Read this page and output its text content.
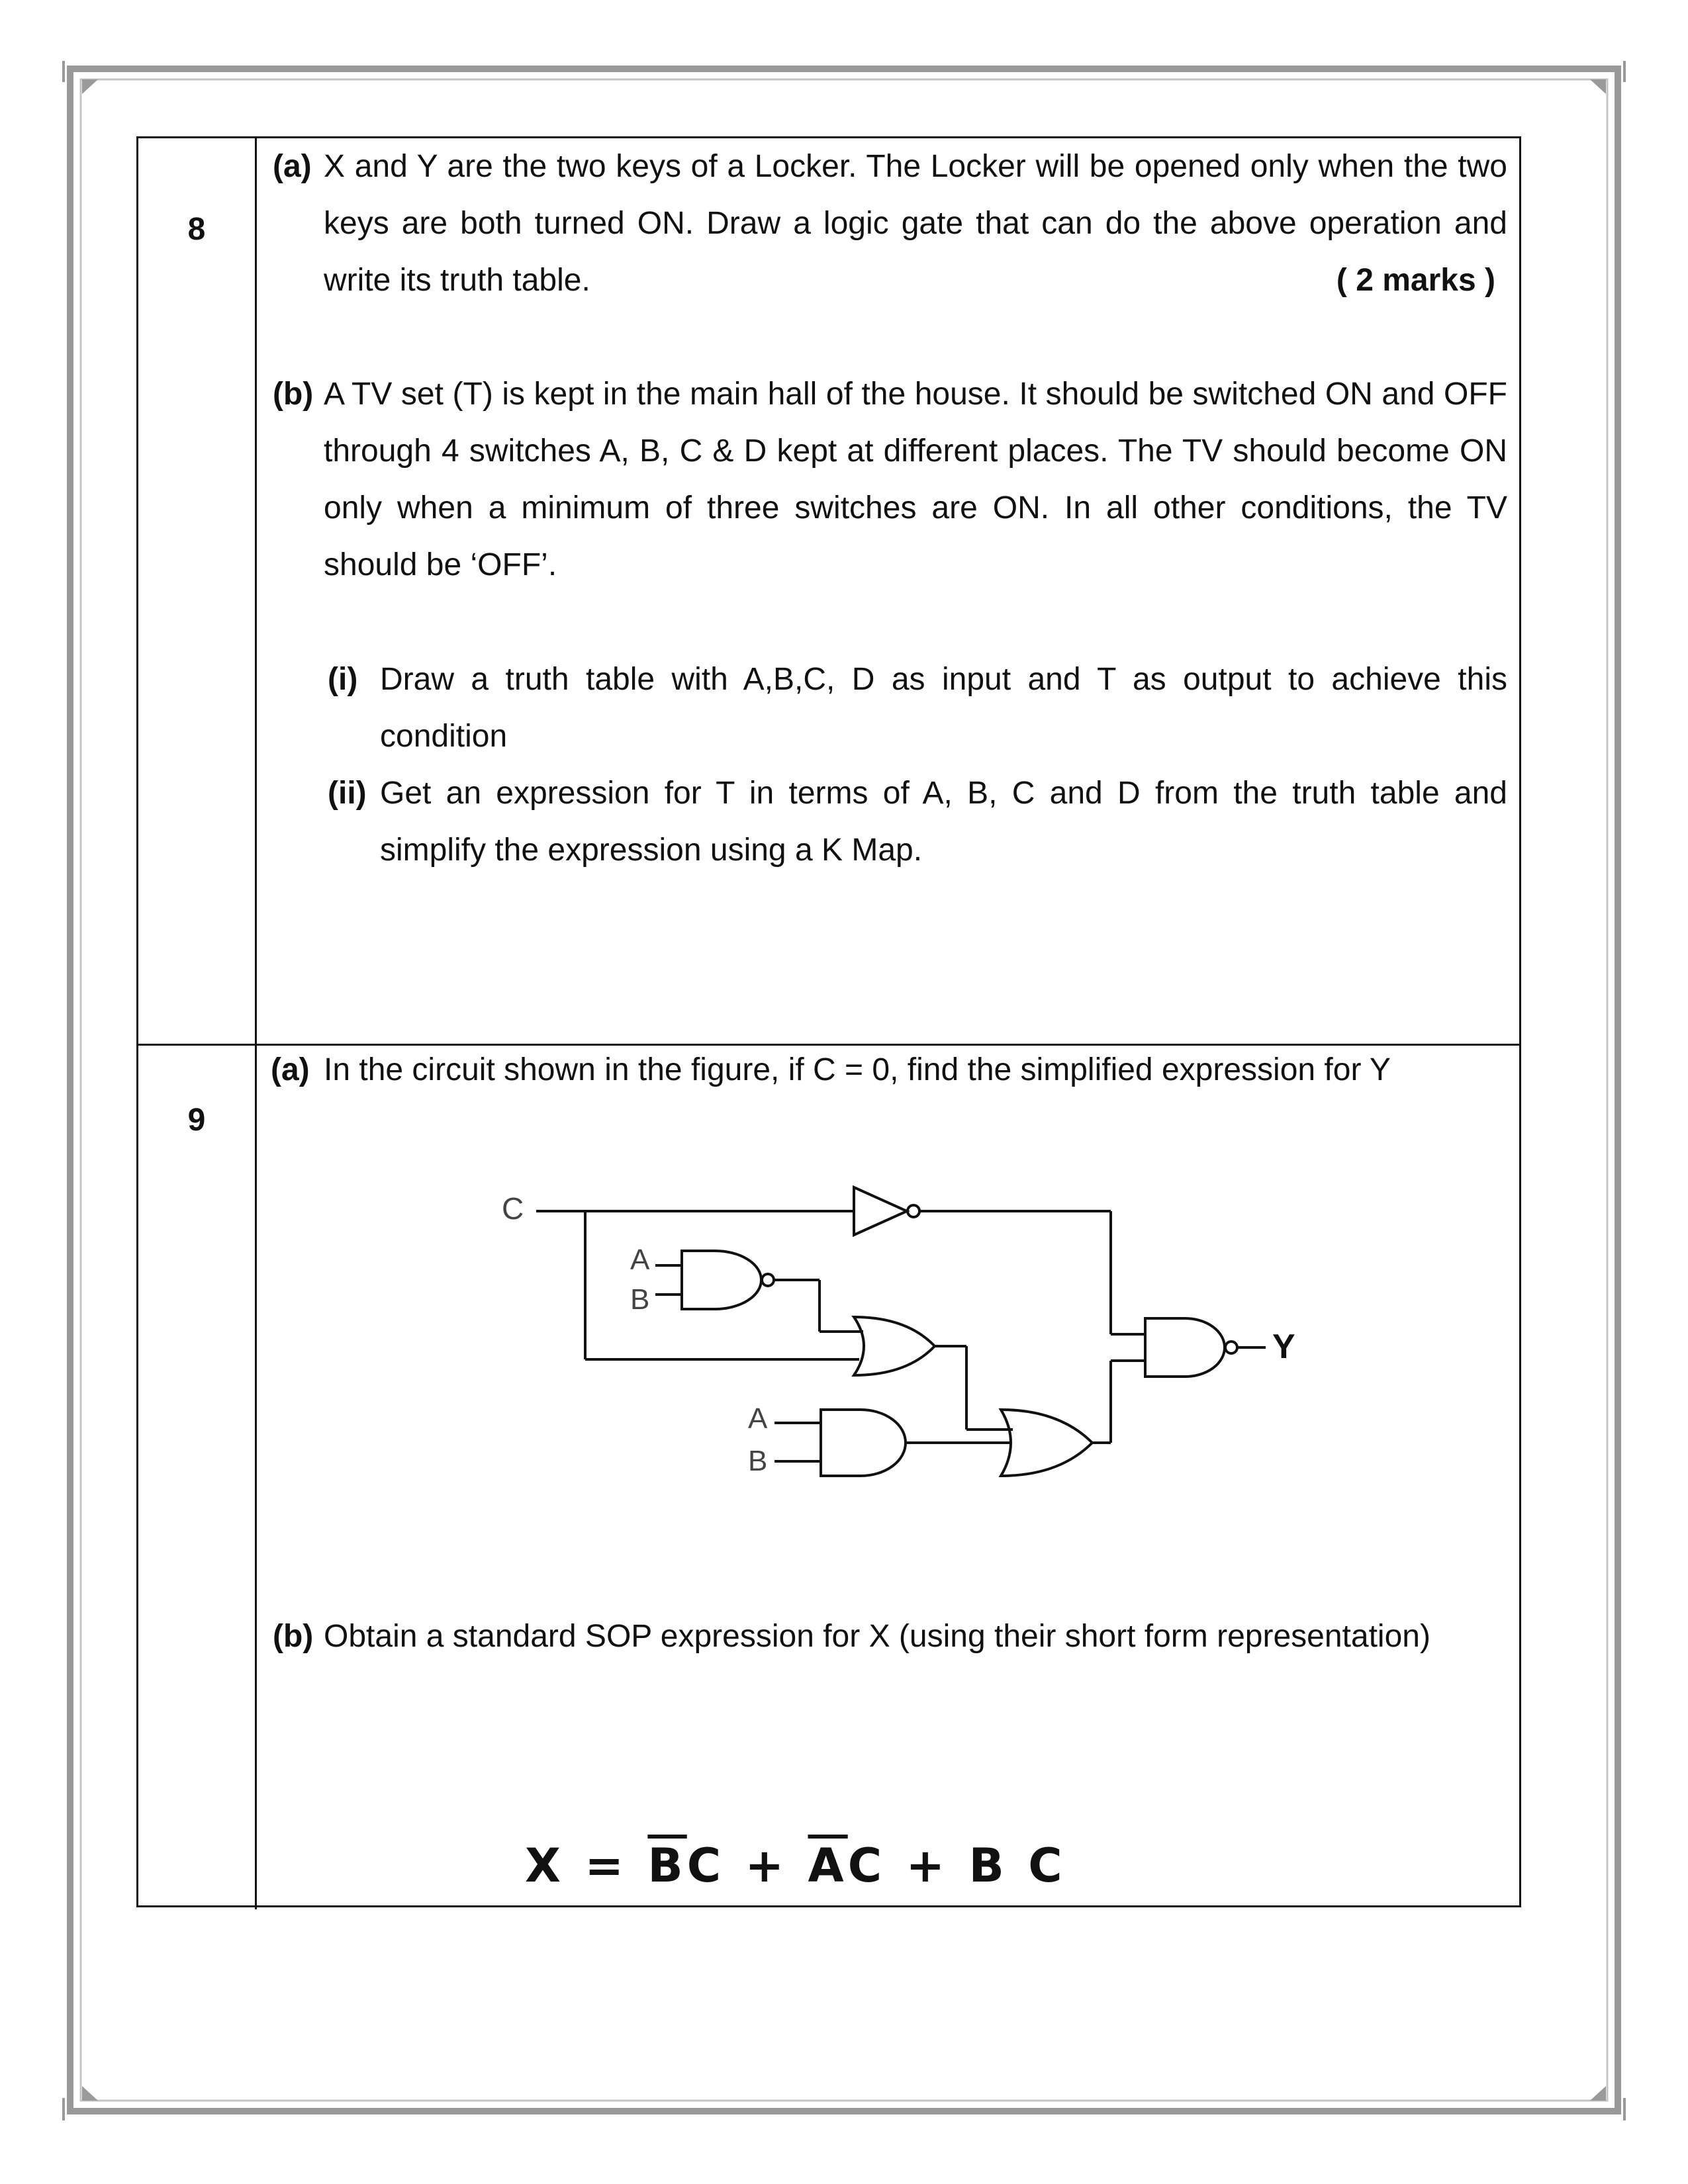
8
(a) X and Y are the two keys of a Locker. The Locker will be opened only when the two keys are both turned ON. Draw a logic gate that can do the above operation and write its truth table.	( 2 marks )
(b) A TV set (T) is kept in the main hall of the house. It should be switched ON and OFF through 4 switches A, B, C & D kept at different places. The TV should become ON only when a minimum of three switches are ON. In all other conditions, the TV should be ‘OFF’.
(i) Draw a truth table with A,B,C, D as input and T as output to achieve this condition
(ii) Get an expression for T in terms of A, B, C and D from the truth table and simplify the expression using a K Map.
9
(a) In the circuit shown in the figure, if C = 0, find the simplified expression for Y
(b) Obtain a standard SOP expression for X (using their short form representation)
$X = \overline{B}C + \overline{A}C + B$ C
C
A
B
A
B
Y
